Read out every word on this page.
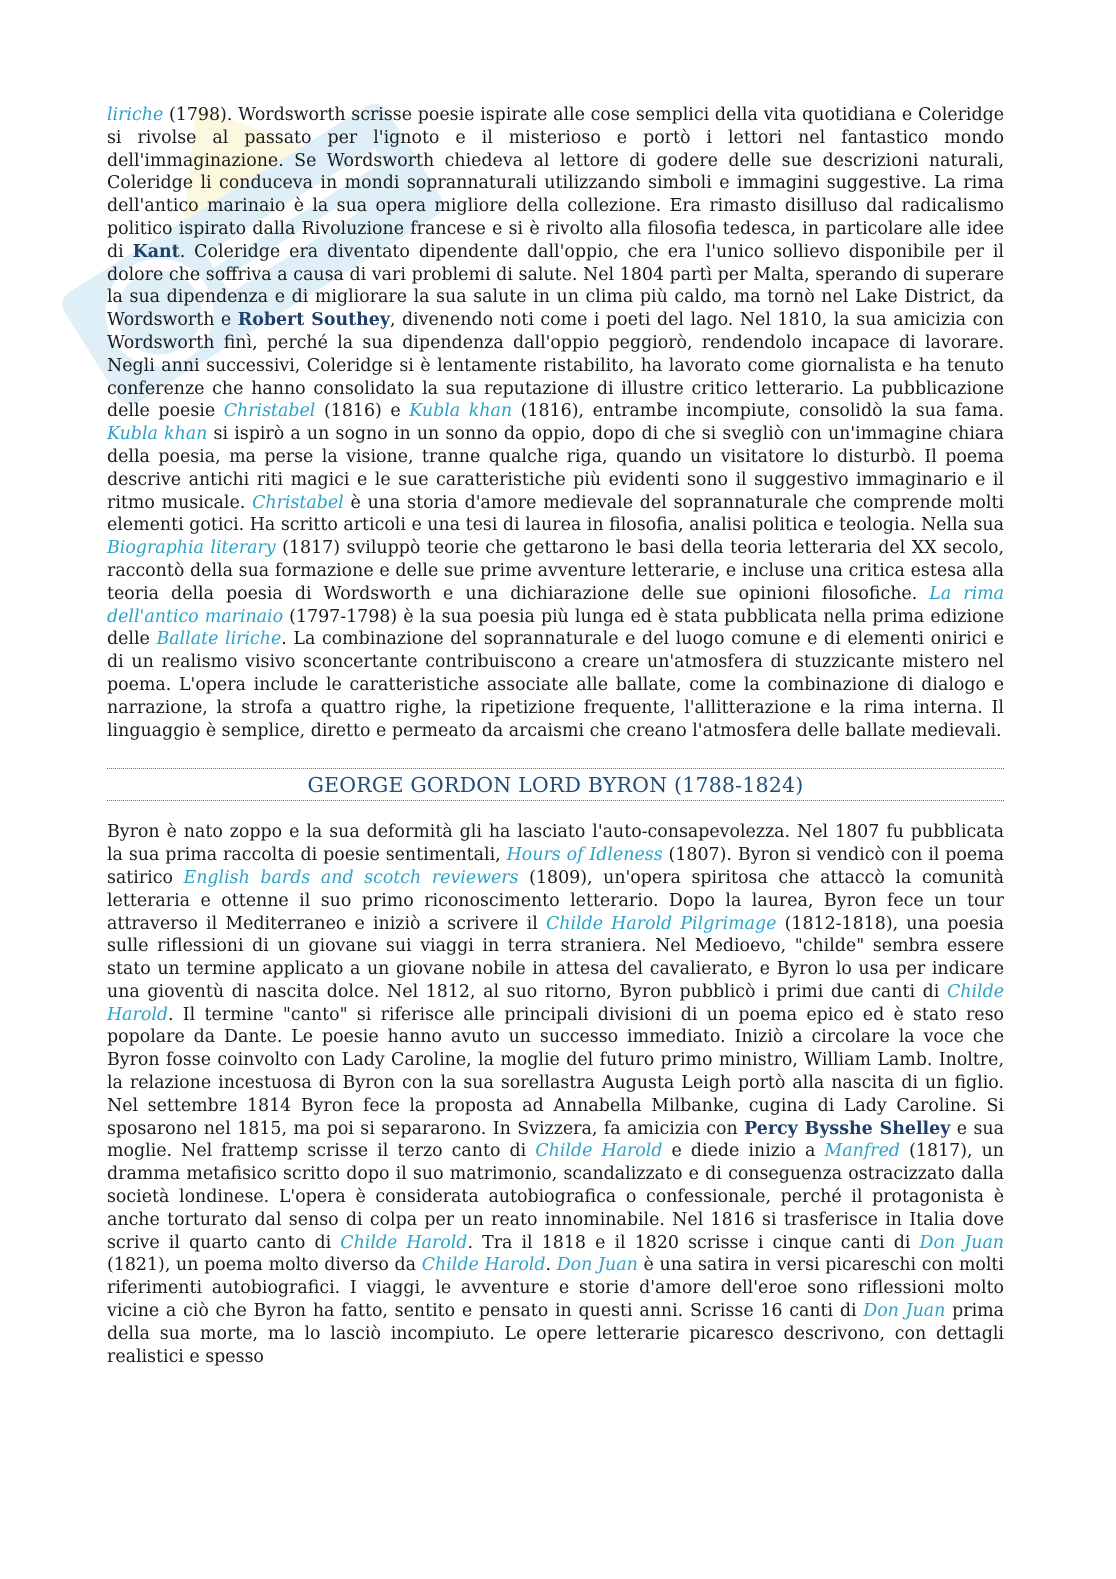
liriche (1798). Wordsworth scrisse poesie ispirate alle cose semplici della vita quotidiana e Coleridge si rivolse al passato per l'ignoto e il misterioso e portò i lettori nel fantastico mondo dell'immaginazione. Se Wordsworth chiedeva al lettore di godere delle sue descrizioni naturali, Coleridge li conduceva in mondi soprannaturali utilizzando simboli e immagini suggestive. La rima dell'antico marinaio è la sua opera migliore della collezione. Era rimasto disilluso dal radicalismo politico ispirato dalla Rivoluzione francese e si è rivolto alla filosofia tedesca, in particolare alle idee di Kant. Coleridge era diventato dipendente dall'oppio, che era l'unico sollievo disponibile per il dolore che soffriva a causa di vari problemi di salute. Nel 1804 partì per Malta, sperando di superare la sua dipendenza e di migliorare la sua salute in un clima più caldo, ma tornò nel Lake District, da Wordsworth e Robert Southey, divenendo noti come i poeti del lago. Nel 1810, la sua amicizia con Wordsworth finì, perché la sua dipendenza dall'oppio peggiorò, rendendolo incapace di lavorare. Negli anni successivi, Coleridge si è lentamente ristabilito, ha lavorato come giornalista e ha tenuto conferenze che hanno consolidato la sua reputazione di illustre critico letterario. La pubblicazione delle poesie Christabel (1816) e Kubla khan (1816), entrambe incompiute, consolidò la sua fama. Kubla khan si ispirò a un sogno in un sonno da oppio, dopo di che si svegliò con un'immagine chiara della poesia, ma perse la visione, tranne qualche riga, quando un visitatore lo disturbò. Il poema descrive antichi riti magici e le sue caratteristiche più evidenti sono il suggestivo immaginario e il ritmo musicale. Christabel è una storia d'amore medievale del soprannaturale che comprende molti elementi gotici. Ha scritto articoli e una tesi di laurea in filosofia, analisi politica e teologia. Nella sua Biographia literary (1817) sviluppò teorie che gettarono le basi della teoria letteraria del XX secolo, raccontò della sua formazione e delle sue prime avventure letterarie, e incluse una critica estesa alla teoria della poesia di Wordsworth e una dichiarazione delle sue opinioni filosofiche. La rima dell'antico marinaio (1797-1798) è la sua poesia più lunga ed è stata pubblicata nella prima edizione delle Ballate liriche. La combinazione del soprannaturale e del luogo comune e di elementi onirici e di un realismo visivo sconcertante contribuiscono a creare un'atmosfera di stuzzicante mistero nel poema. L'opera include le caratteristiche associate alle ballate, come la combinazione di dialogo e narrazione, la strofa a quattro righe, la ripetizione frequente, l'allitterazione e la rima interna. Il linguaggio è semplice, diretto e permeato da arcaismi che creano l'atmosfera delle ballate medievali.

GEORGE GORDON LORD BYRON (1788-1824)

Byron è nato zoppo e la sua deformità gli ha lasciato l'auto-consapevolezza. Nel 1807 fu pubblicata la sua prima raccolta di poesie sentimentali, Hours of Idleness (1807). Byron si vendicò con il poema satirico English bards and scotch reviewers (1809), un'opera spiritosa che attaccò la comunità letteraria e ottenne il suo primo riconoscimento letterario. Dopo la laurea, Byron fece un tour attraverso il Mediterraneo e iniziò a scrivere il Childe Harold Pilgrimage (1812-1818), una poesia sulle riflessioni di un giovane sui viaggi in terra straniera. Nel Medioevo, "childe" sembra essere stato un termine applicato a un giovane nobile in attesa del cavalierato, e Byron lo usa per indicare una gioventù di nascita dolce. Nel 1812, al suo ritorno, Byron pubblicò i primi due canti di Childe Harold. Il termine "canto" si riferisce alle principali divisioni di un poema epico ed è stato reso popolare da Dante. Le poesie hanno avuto un successo immediato. Iniziò a circolare la voce che Byron fosse coinvolto con Lady Caroline, la moglie del futuro primo ministro, William Lamb. Inoltre, la relazione incestuosa di Byron con la sua sorellastra Augusta Leigh portò alla nascita di un figlio. Nel settembre 1814 Byron fece la proposta ad Annabella Milbanke, cugina di Lady Caroline. Si sposarono nel 1815, ma poi si separarono. In Svizzera, fa amicizia con Percy Bysshe Shelley e sua moglie. Nel frattemp scrisse il terzo canto di Childe Harold e diede inizio a Manfred (1817), un dramma metafisico scritto dopo il suo matrimonio, scandalizzato e di conseguenza ostracizzato dalla società londinese. L'opera è considerata autobiografica o confessionale, perché il protagonista è anche torturato dal senso di colpa per un reato innominabile. Nel 1816 si trasferisce in Italia dove scrive il quarto canto di Childe Harold. Tra il 1818 e il 1820 scrisse i cinque canti di Don Juan (1821), un poema molto diverso da Childe Harold. Don Juan è una satira in versi picareschi con molti riferimenti autobiografici. I viaggi, le avventure e storie d'amore dell'eroe sono riflessioni molto vicine a ciò che Byron ha fatto, sentito e pensato in questi anni. Scrisse 16 canti di Don Juan prima della sua morte, ma lo lasciò incompiuto. Le opere letterarie picaresco descrivono, con dettagli realistici e spesso
